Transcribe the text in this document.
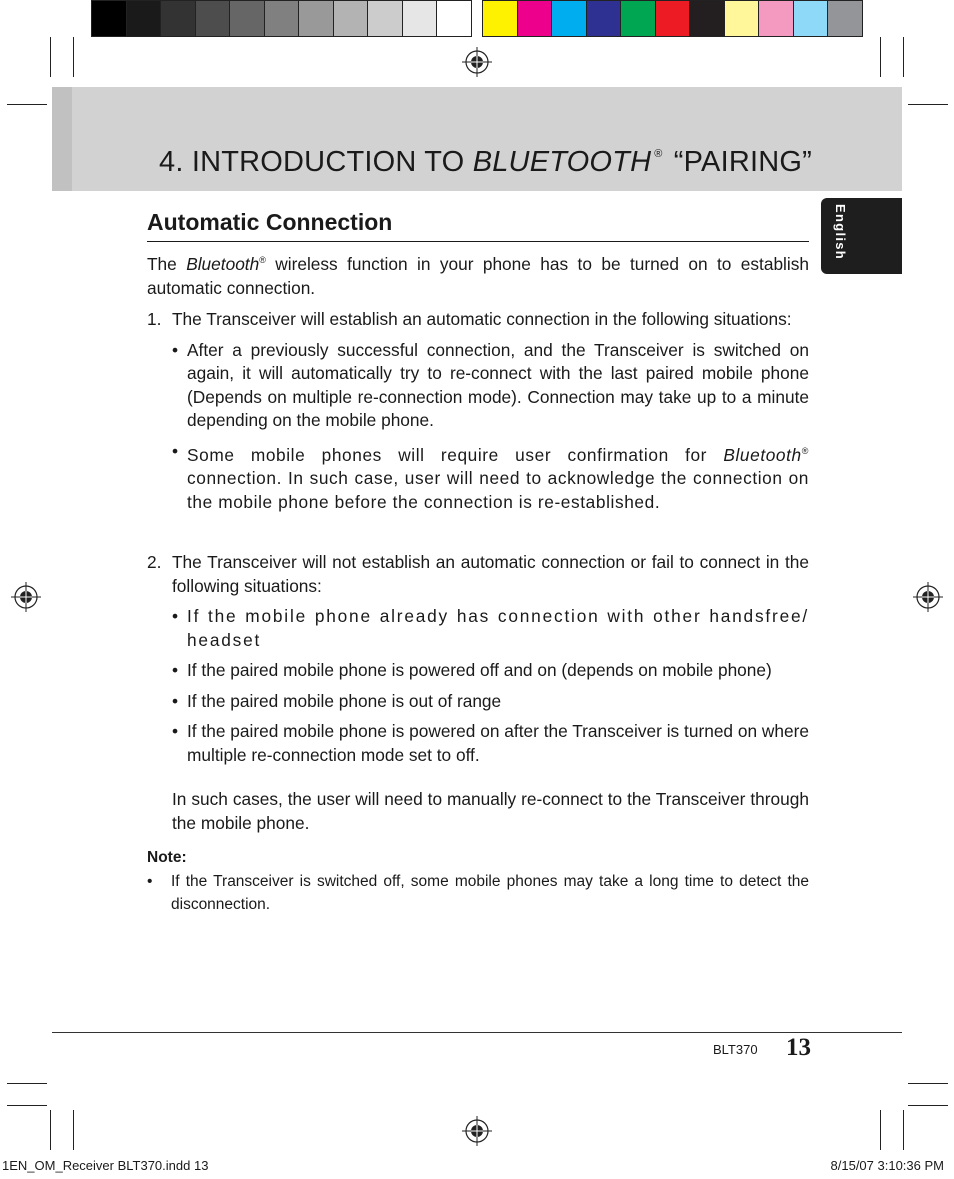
4. INTRODUCTION TO BLUETOOTH ® “PAIRING”
English
Automatic Connection

The Bluetooth® wireless function in your phone has to be turned on to establish automatic connection.

1. The Transceiver will establish an automatic connection in the following situations:
• After a previously successful connection, and the Transceiver is switched on again, it will automatically try to re-connect with the last paired mobile phone (Depends on multiple re-connection mode). Connection may take up to a minute depending on the mobile phone.
• Some mobile phones will require user confirmation for Bluetooth® connection. In such case, user will need to acknowledge the connection on the mobile phone before the connection is re-established.
2. The Transceiver will not establish an automatic connection or fail to connect in the following situations:
• If the mobile phone already has connection with other handsfree/ headset
• If the paired mobile phone is powered off and on (depends on mobile phone)
• If the paired mobile phone is out of range
• If the paired mobile phone is powered on after the Transceiver is turned on where multiple re-connection mode set to off.

In such cases, the user will need to manually re-connect to the Transceiver through the mobile phone.

Note:
• If the Transceiver is switched off, some mobile phones may take a long time to detect the disconnection.
BLT370 13
1EN_OM_Receiver BLT370.indd 13	8/15/07 3:10:36 PM
